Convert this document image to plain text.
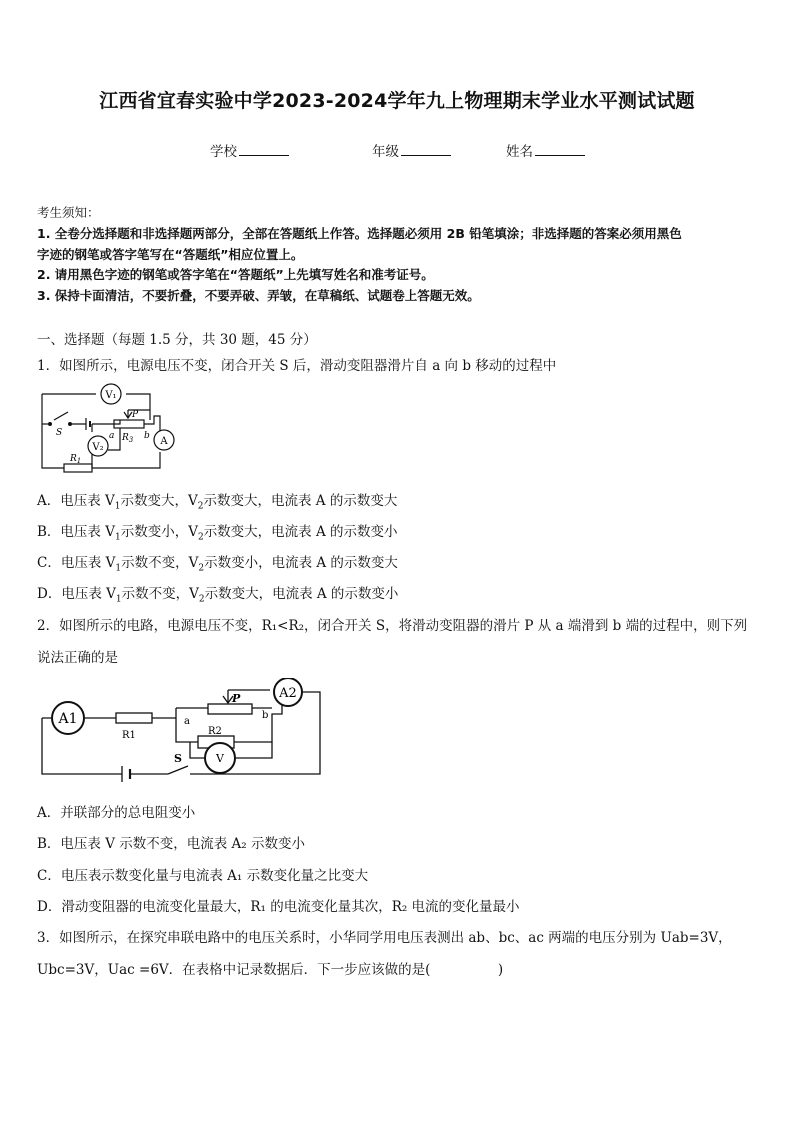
江西省宜春实验中学2023-2024学年九上物理期末学业水平测试试题
学校	年级	姓名
考生须知：
1. 全卷分选择题和非选择题两部分，全部在答题纸上作答。选择题必须用 2B 铅笔填涂；非选择题的答案必须用黑色
字迹的钢笔或答字笔写在“答题纸”相应位置上。
2. 请用黑色字迹的钢笔或答字笔在“答题纸”上先填写姓名和准考证号。
3. 保持卡面清洁，不要折叠，不要弄破、弄皱，在草稿纸、试题卷上答题无效。
一、选择题（每题 1.5 分，共 30 题，45 分）
1．如图所示，电源电压不变，闭合开关 S 后，滑动变阻器滑片自 a 向 b 移动的过程中
V₁
V₂
A
S
P
a	b
$R_3$
$R_1$
A．电压表 $V_1$示数变大，$V_2$示数变大，电流表 A 的示数变大
B．电压表 $V_1$示数变小，$V_2$示数变大，电流表 A 的示数变小
C．电压表 $V_1$示数不变，$V_2$示数变小，电流表 A 的示数变大
D．电压表 $V_1$示数不变，$V_2$示数变大，电流表 A 的示数变小
2．如图所示的电路，电源电压不变，R₁<R₂，闭合开关 S，将滑动变阻器的滑片 P 从 a 端滑到 b 端的过程中，则下列
说法正确的是
A1
A2
V
R1	R2
P
a
b
S
A．并联部分的总电阻变小
B．电压表 V 示数不变，电流表 A₂ 示数变小
C．电压表示数变化量与电流表 A₁ 示数变化量之比变大
D．滑动变阻器的电流变化量最大，R₁ 的电流变化量其次，R₂ 电流的变化量最小
3．如图所示，在探究串联电路中的电压关系时，小华同学用电压表测出 ab、bc、ac 两端的电压分别为 Uab=3V，
Ubc=3V，Uac =6V．在表格中记录数据后．下一步应该做的是(　　　　　)
